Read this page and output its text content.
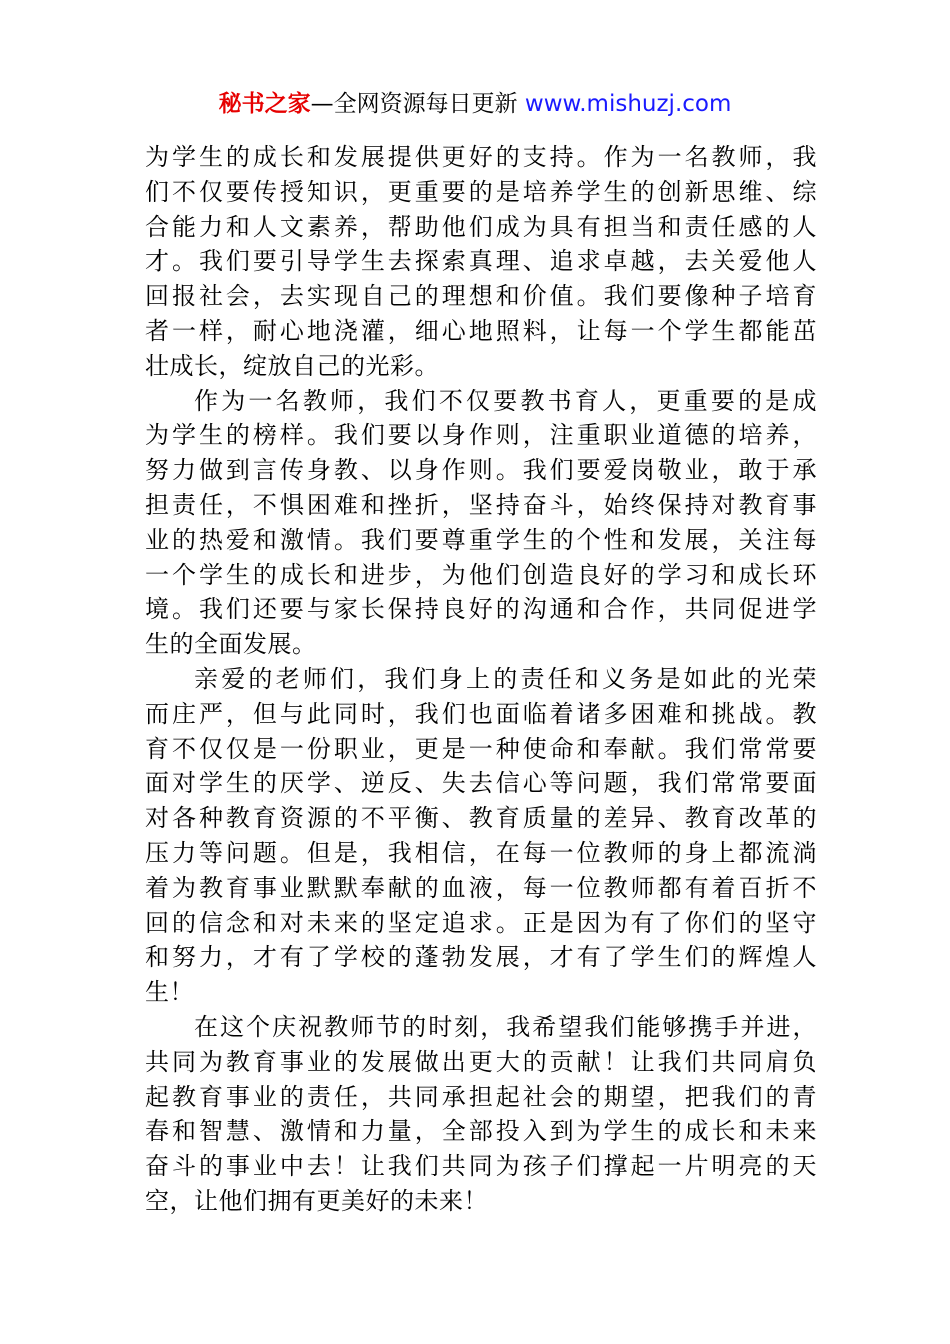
秘书之家—全网资源每日更新 www.mishuzj.com
为学生的成长和发展提供更好的支持。作为一名教师，我
们不仅要传授知识，更重要的是培养学生的创新思维、综
合能力和人文素养，帮助他们成为具有担当和责任感的人
才。我们要引导学生去探索真理、追求卓越，去关爱他人
回报社会，去实现自己的理想和价值。我们要像种子培育
者一样，耐心地浇灌，细心地照料，让每一个学生都能茁
壮成长，绽放自己的光彩。
作为一名教师，我们不仅要教书育人，更重要的是成
为学生的榜样。我们要以身作则，注重职业道德的培养，
努力做到言传身教、以身作则。我们要爱岗敬业，敢于承
担责任，不惧困难和挫折，坚持奋斗，始终保持对教育事
业的热爱和激情。我们要尊重学生的个性和发展，关注每
一个学生的成长和进步，为他们创造良好的学习和成长环
境。我们还要与家长保持良好的沟通和合作，共同促进学
生的全面发展。
亲爱的老师们，我们身上的责任和义务是如此的光荣
而庄严，但与此同时，我们也面临着诸多困难和挑战。教
育不仅仅是一份职业，更是一种使命和奉献。我们常常要
面对学生的厌学、逆反、失去信心等问题，我们常常要面
对各种教育资源的不平衡、教育质量的差异、教育改革的
压力等问题。但是，我相信，在每一位教师的身上都流淌
着为教育事业默默奉献的血液，每一位教师都有着百折不
回的信念和对未来的坚定追求。正是因为有了你们的坚守
和努力，才有了学校的蓬勃发展，才有了学生们的辉煌人
生！
在这个庆祝教师节的时刻，我希望我们能够携手并进，
共同为教育事业的发展做出更大的贡献！让我们共同肩负
起教育事业的责任，共同承担起社会的期望，把我们的青
春和智慧、激情和力量，全部投入到为学生的成长和未来
奋斗的事业中去！让我们共同为孩子们撑起一片明亮的天
空，让他们拥有更美好的未来！
